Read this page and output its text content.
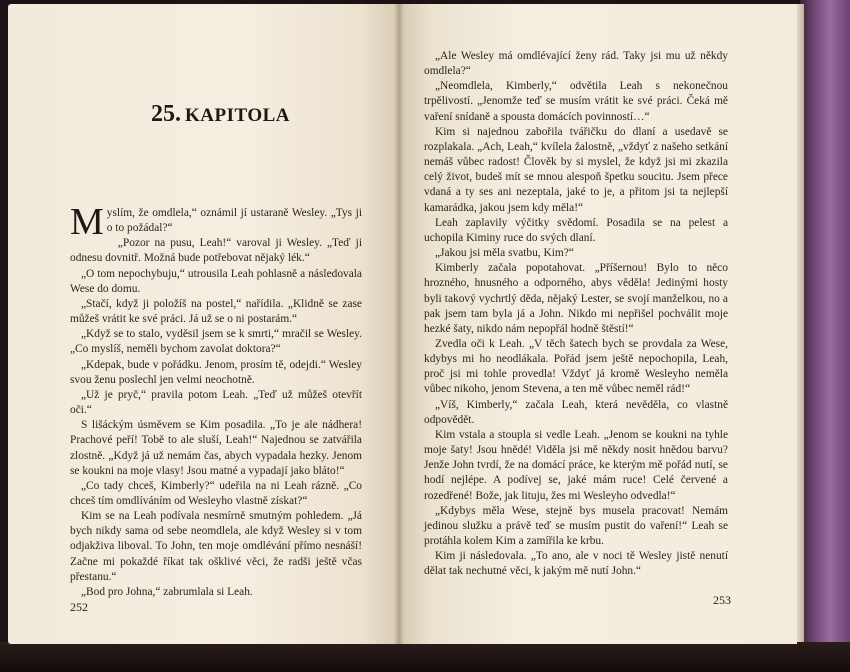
25. KAPITOLA

Myslím, že omdlela,“ oznámil jí ustaraně Wesley. „Tys ji o to požádal?“

„Pozor na pusu, Leah!“ varoval ji Wesley. „Teď ji odnesu dovnitř. Možná bude potřebovat nějaký lék.“

„O tom nepochybuju,“ utrousila Leah pohlasně a následovala Wese do domu.

„Stačí, když ji položíš na postel,“ nařídila. „Klidně se zase můžeš vrátit ke své práci. Já už se o ni postarám.“

„Když se to stalo, vyděsil jsem se k smrti,“ mračil se Wesley. „Co myslíš, neměli bychom zavolat doktora?“

„Kdepak, bude v pořádku. Jenom, prosím tě, odejdi.“ Wesley svou ženu poslechl jen velmi neochotně.

„Už je pryč,“ pravila potom Leah. „Teď už můžeš otevřít oči.“

S lišáckým úsměvem se Kim posadila. „To je ale nádhera! Prachové peří! Tobě to ale sluší, Leah!“ Najednou se zatvářila zlostně. „Když já už nemám čas, abych vypadala hezky. Jenom se koukni na moje vlasy! Jsou matné a vypadají jako bláto!“

„Co tady chceš, Kimberly?“ udeřila na ni Leah rázně. „Co chceš tím omdlíváním od Wesleyho vlastně získat?“

Kim se na Leah podívala nesmírně smutným pohledem. „Já bych nikdy sama od sebe neomdlela, ale když Wesley si v tom odjakživa liboval. To John, ten moje omdlévání přímo nesnáší! Začne mi pokaždé říkat tak ošklivé věci, že radši ještě včas přestanu.“

„Bod pro Johna,“ zabrumlala si Leah.

252

„Ale Wesley má omdlévající ženy rád. Taky jsi mu už někdy omdlela?“

„Neomdlela, Kimberly,“ odvětila Leah s nekonečnou trpělivostí. „Jenomže teď se musím vrátit ke své práci. Čeká mě vaření snídaně a spousta domácích povinností…“

Kim si najednou zabořila tvářičku do dlaní a usedavě se rozplakala. „Ach, Leah,“ kvílela žalostně, „vždyť z našeho setkání nemáš vůbec radost! Člověk by si myslel, že když jsi mi zkazila celý život, budeš mít se mnou alespoň špetku soucitu. Jsem přece vdaná a ty ses ani nezeptala, jaké to je, a přitom jsi ta nejlepší kamarádka, jakou jsem kdy měla!“

Leah zaplavily výčitky svědomí. Posadila se na pelest a uchopila Kiminy ruce do svých dlaní.

„Jakou jsi měla svatbu, Kim?“

Kimberly začala popotahovat. „Příšernou! Bylo to něco hrozného, hnusného a odporného, abys věděla! Jedinými hosty byli takový vychrtlý děda, nějaký Lester, se svojí manželkou, no a pak jsem tam byla já a John. Nikdo mi nepřišel pochválit moje hezké šaty, nikdo nám nepopřál hodně štěstí!“

Zvedla oči k Leah. „V těch šatech bych se provdala za Wese, kdybys mi ho neodlákala. Pořád jsem ještě nepochopila, Leah, proč jsi mi tohle provedla! Vždyť já kromě Wesleyho neměla vůbec nikoho, jenom Stevena, a ten mě vůbec neměl rád!“

„Víš, Kimberly,“ začala Leah, která nevěděla, co vlastně odpovědět.

Kim vstala a stoupla si vedle Leah. „Jenom se koukni na tyhle moje šaty! Jsou hnědé! Viděla jsi mě někdy nosit hnědou barvu? Jenže John tvrdí, že na domácí práce, ke kterým mě pořád nutí, se hodí nejlépe. A podívej se, jaké mám ruce! Celé červené a rozedřené! Bože, jak lituju, žes mi Wesleyho odvedla!“

„Kdybys měla Wese, stejně bys musela pracovat! Nemám jedinou služku a právě teď se musím pustit do vaření!“ Leah se protáhla kolem Kim a zamířila ke krbu.

Kim ji následovala. „To ano, ale v noci tě Wesley jistě nenutí dělat tak nechutné věci, k jakým mě nutí John.“

253
